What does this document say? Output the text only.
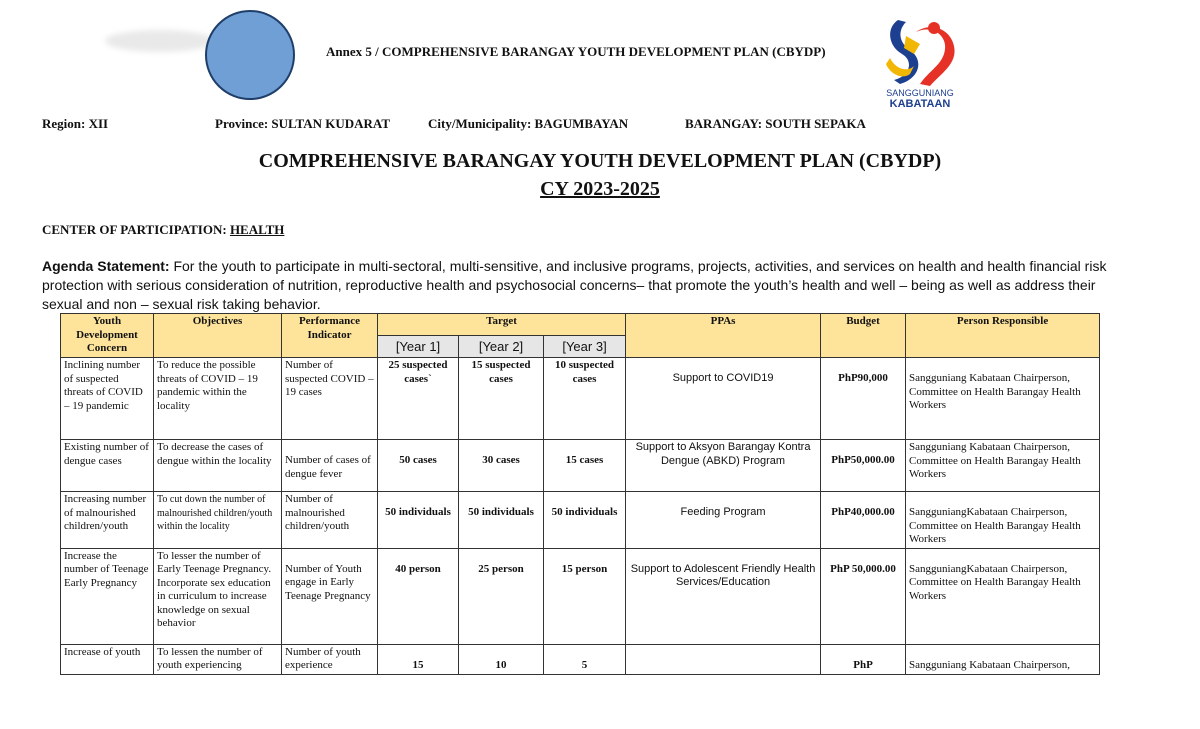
Annex 5 / COMPREHENSIVE BARANGAY YOUTH DEVELOPMENT PLAN (CBYDP)
SANGGUNIANG
KABATAAN
Region: XII	Province: SULTAN KUDARAT	City/Municipality: BAGUMBAYAN	BARANGAY: SOUTH SEPAKA
COMPREHENSIVE BARANGAY YOUTH DEVELOPMENT PLAN (CBYDP)
CY 2023-2025
CENTER OF PARTICIPATION: HEALTH
Agenda Statement: For the youth to participate in multi-sectoral, multi-sensitive, and inclusive programs, projects, activities, and services on health and health financial risk protection with serious consideration of nutrition, reproductive health and psychosocial concerns– that promote the youth’s health and well – being as well as address their sexual and non – sexual risk taking behavior.
Youth Development Concern	Objectives	Performance Indicator	Target			PPAs	Budget	Person Responsible
			[Year 1]	[Year 2]	[Year 3]			
Inclining number of suspected threats of COVID – 19 pandemic	To reduce the possible threats of COVID – 19 pandemic within the locality	Number of suspected COVID – 19 cases	25 suspected cases`	15 suspected cases	10 suspected cases	Support to COVID19	PhP90,000	Sangguniang Kabataan Chairperson, Committee on Health Barangay Health Workers
Existing number of dengue cases	To decrease the cases of dengue within the locality	Number of cases of dengue fever	50 cases	30 cases	15 cases	Support to Aksyon Barangay Kontra Dengue (ABKD) Program	PhP50,000.00	Sangguniang Kabataan Chairperson, Committee on Health Barangay Health Workers
Increasing number of malnourished children/youth	To cut down the number of malnourished children/youth within the locality	Number of malnourished children/youth	50 individuals	50 individuals	50 individuals	Feeding Program	PhP40,000.00	SangguniangKabataan Chairperson, Committee on Health Barangay Health Workers
Increase the number of Teenage Early Pregnancy	To lesser the number of Early Teenage Pregnancy. Incorporate sex education in curriculum to increase knowledge on sexual behavior	Number of Youth engage in Early Teenage Pregnancy	40 person	25 person	15 person	Support to Adolescent Friendly Health Services/Education	PhP 50,000.00	SangguniangKabataan Chairperson, Committee on Health Barangay Health Workers
Increase of youth	To lessen the number of youth experiencing	Number of youth experience	15	10	5		PhP	Sangguniang Kabataan Chairperson,
